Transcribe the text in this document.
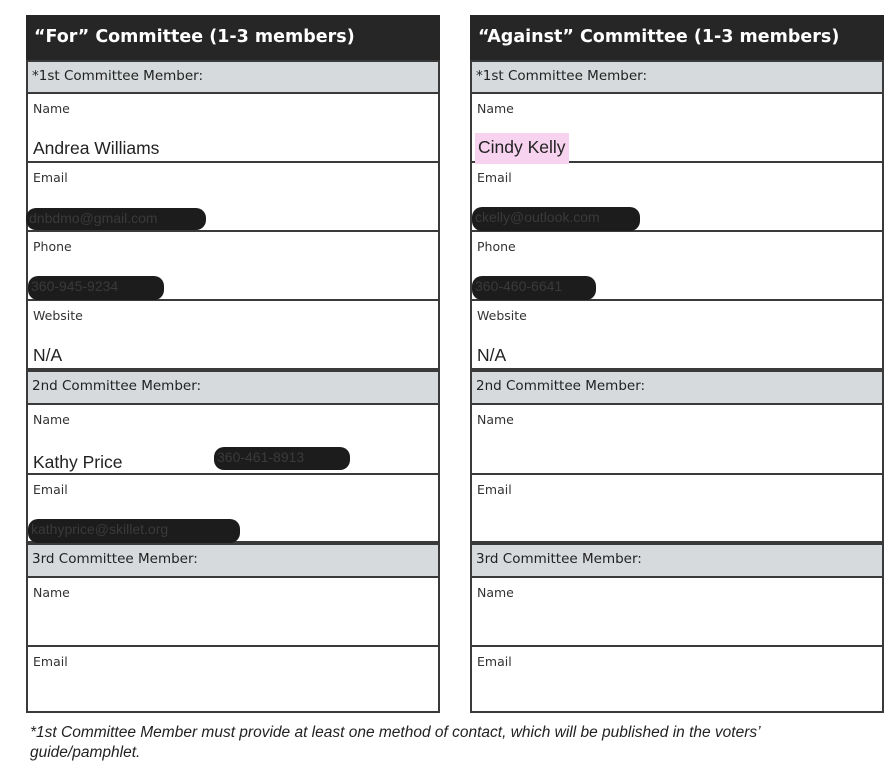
“For” Committee (1-3 members)
*1st Committee Member:
Name
Andrea Williams
Email
dnbdmo@gmail.com
Phone
360-945-9234
Website
N/A
2nd Committee Member:
Name
Kathy Price	360-461-8913
Email
kathyprice@skillet.org
3rd Committee Member:
Name
Email
“Against” Committee (1-3 members)
*1st Committee Member:
Name
Cindy Kelly
Email
ckelly@outlook.com
Phone
360-460-6641
Website
N/A
2nd Committee Member:
Name
Email
3rd Committee Member:
Name
Email
*1st Committee Member must provide at least one method of contact, which will be published in the voters’ guide/pamphlet.
